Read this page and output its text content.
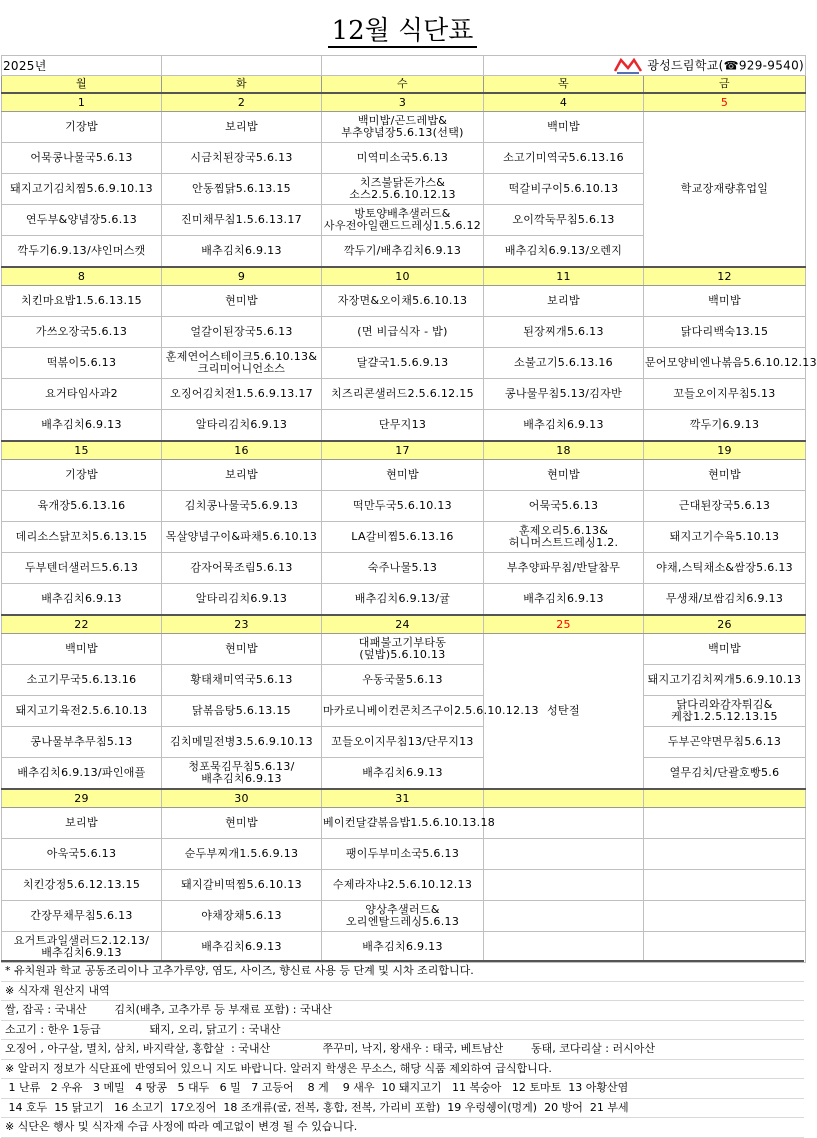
12월 식단표
2025년			광성드림학교(☎929-9540)	
월	화	수	목	금
1	2	3	4	5
기장밥	보리밥	백미밥/곤드레밥&부추양념장5.6.13(선택)	백미밥	학교장재량휴업일
어묵콩나물국5.6.13	시금치된장국5.6.13	미역미소국5.6.13	소고기미역국5.6.13.16	
돼지고기김치찜5.6.9.10.13	안동찜닭5.6.13.15	치즈불닭돈가스&소스2.5.6.10.12.13	떡갈비구이5.6.10.13	
연두부&양념장5.6.13	진미채무침1.5.6.13.17	방토양배추샐러드&사우전아일랜드드레싱1.5.6.12	오이깍둑무침5.6.13	
깍두기6.9.13/샤인머스캣	배추김치6.9.13	깍두기/배추김치6.9.13	배추김치6.9.13/오렌지	
8	9	10	11	12
치킨마요밥1.5.6.13.15	현미밥	자장면&오이채5.6.10.13	보리밥	백미밥
가쓰오장국5.6.13	얼갈이된장국5.6.13	(면 비급식자 - 밥)	된장찌개5.6.13	닭다리백숙13.15
떡볶이5.6.13	훈제연어스테이크5.6.10.13&크리미어니언소스	달걀국1.5.6.9.13	소불고기5.6.13.16	문어모양비엔나볶음5.6.10.12.13
요거타임사과2	오징어김치전1.5.6.9.13.17	치즈리콘샐러드2.5.6.12.15	콩나물무침5.13/김자반	꼬들오이지무침5.13
배추김치6.9.13	알타리김치6.9.13	단무지13	배추김치6.9.13	깍두기6.9.13
15	16	17	18	19
기장밥	보리밥	현미밥	현미밥	현미밥
육개장5.6.13.16	김치콩나물국5.6.9.13	떡만두국5.6.10.13	어묵국5.6.13	근대된장국5.6.13
데리소스닭꼬치5.6.13.15	목살양념구이&파채5.6.10.13	LA갈비찜5.6.13.16	훈제오리5.6.13&허니머스트드레싱1.2.	돼지고기수육5.10.13
두부텐더샐러드5.6.13	감자어묵조림5.6.13	숙주나물5.13	부추양파무침/반달참무	야채,스틱채소&쌈장5.6.13
배추김치6.9.13	알타리김치6.9.13	배추김치6.9.13/귤	배추김치6.9.13	무생채/보쌈김치6.9.13
22	23	24	25	26
백미밥	현미밥	대패불고기부타동(덮밥)5.6.10.13	성탄절	백미밥
소고기무국5.6.13.16	황태채미역국5.6.13	우동국물5.6.13		돼지고기김치찌개5.6.9.10.13
돼지고기육전2.5.6.10.13	닭볶음탕5.6.13.15	마카로니베이컨콘치즈구이2.5.6.10.12.13		닭다리와감자튀김&케찹1.2.5.12.13.15
콩나물부추무침5.13	김치메밀전병3.5.6.9.10.13	꼬들오이지무침13/단무지13		두부곤약면무침5.6.13
배추김치6.9.13/파인애플	청포묵김무침5.6.13/배추김치6.9.13	배추김치6.9.13		열무김치/단괄호빵5.6
29	30	31		
보리밥	현미밥	베이컨달걀볶음밥1.5.6.10.13.18		
아욱국5.6.13	순두부찌개1.5.6.9.13	팽이두부미소국5.6.13		
치킨강정5.6.12.13.15	돼지갈비떡찜5.6.10.13	수제라자냐2.5.6.10.12.13		
간장무채무침5.6.13	야채장채5.6.13	양상추샐러드&오리엔탈드레싱5.6.13		
요거트과일샐러드2.12.13/배추김치6.9.13	배추김치6.9.13	배추김치6.9.13		
* 유치원과 학교 공동조리이나 고추가루양, 염도, 사이즈, 향신료 사용 등 단계 및 시차 조리합니다.
※ 식자재 원산지 내역
쌀, 잡곡 : 국내산        김치(배추, 고추가루 등 부재료 포함) : 국내산
소고기 : 한우 1등급              돼지, 오리, 닭고기 : 국내산
오징어 , 아구살, 멸치, 삼치, 바지락살, 홍합살  : 국내산               쭈꾸미, 낙지, 왕새우 : 태국, 베트남산        동태, 코다리살 : 러시아산
※ 알러지 정보가 식단표에 반영되어 있으니 지도 바랍니다. 알러지 학생은 무소스, 해당 식품 제외하여 급식합니다.
1 난류   2 우유   3 메밀   4 땅콩   5 대두   6 밀   7 고등어    8 게    9 새우  10 돼지고기   11 복숭아   12 토마토  13 아황산염
14 호두  15 닭고기   16 소고기  17오징어  18 조개류(굴, 전복, 홍합, 전복, 가리비 포함)  19 우렁쉥이(멍게)  20 방어  21 부세
※ 식단은 행사 및 식자재 수급 사정에 따라 예고없이 변경 될 수 있습니다.
